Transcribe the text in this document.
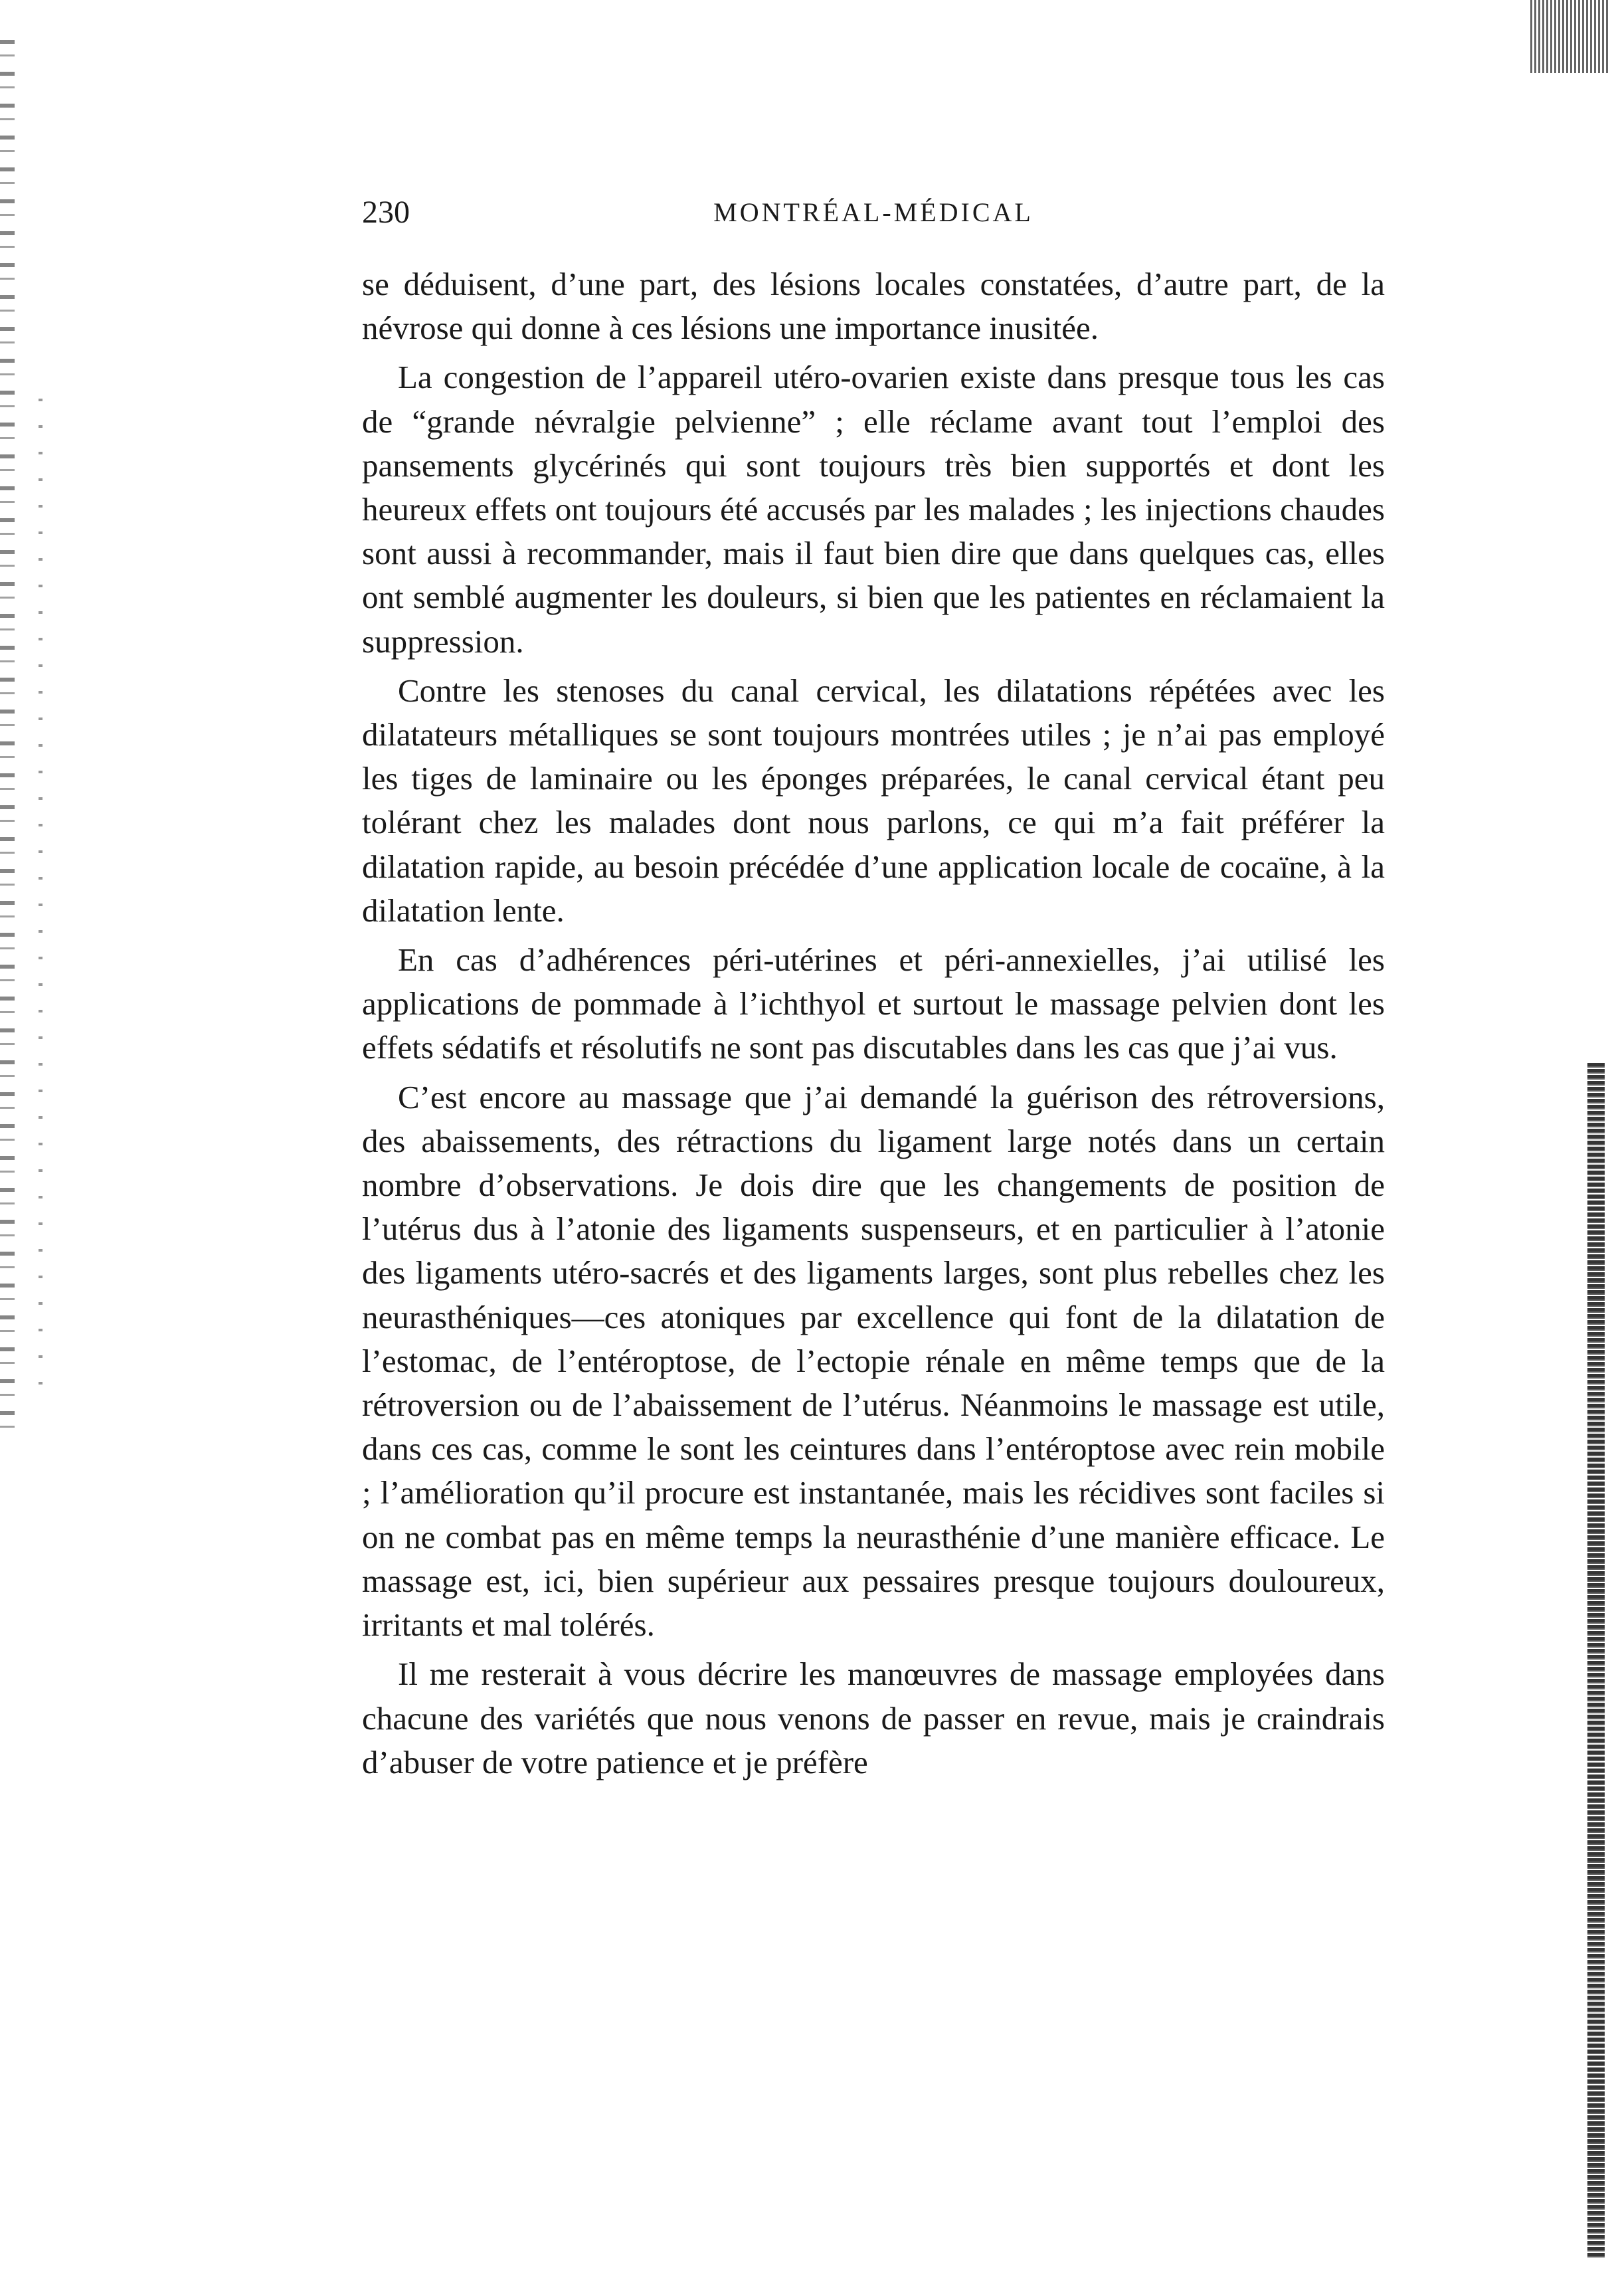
230	MONTRÉAL-MÉDICAL

se déduisent, d’une part, des lésions locales constatées, d’autre part, de la névrose qui donne à ces lésions une importance inusitée.

La congestion de l’appareil utéro-ovarien existe dans presque tous les cas de “grande névralgie pelvienne” ; elle réclame avant tout l’emploi des pansements glycérinés qui sont toujours très bien supportés et dont les heureux effets ont toujours été accusés par les malades ; les injections chaudes sont aussi à recommander, mais il faut bien dire que dans quelques cas, elles ont semblé augmenter les douleurs, si bien que les patientes en réclamaient la suppression.

Contre les stenoses du canal cervical, les dilatations répétées avec les dilatateurs métalliques se sont toujours montrées utiles ; je n’ai pas employé les tiges de laminaire ou les éponges préparées, le canal cervical étant peu tolérant chez les malades dont nous parlons, ce qui m’a fait préférer la dilatation rapide, au besoin précédée d’une application locale de cocaïne, à la dilatation lente.

En cas d’adhérences péri-utérines et péri-annexielles, j’ai utilisé les applications de pommade à l’ichthyol et surtout le massage pelvien dont les effets sédatifs et résolutifs ne sont pas discutables dans les cas que j’ai vus.

C’est encore au massage que j’ai demandé la guérison des rétroversions, des abaissements, des rétractions du ligament large notés dans un certain nombre d’observations. Je dois dire que les changements de position de l’utérus dus à l’atonie des ligaments suspenseurs, et en particulier à l’atonie des ligaments utéro-sacrés et des ligaments larges, sont plus rebelles chez les neurasthéniques—ces atoniques par excellence qui font de la dilatation de l’estomac, de l’entéroptose, de l’ectopie rénale en même temps que de la rétroversion ou de l’abaissement de l’utérus. Néanmoins le massage est utile, dans ces cas, comme le sont les ceintures dans l’entéroptose avec rein mobile ; l’amélioration qu’il procure est instantanée, mais les récidives sont faciles si on ne combat pas en même temps la neurasthénie d’une manière efficace. Le massage est, ici, bien supérieur aux pessaires presque toujours douloureux, irritants et mal tolérés.

Il me resterait à vous décrire les manœuvres de massage employées dans chacune des variétés que nous venons de passer en revue, mais je craindrais d’abuser de votre patience et je préfère
